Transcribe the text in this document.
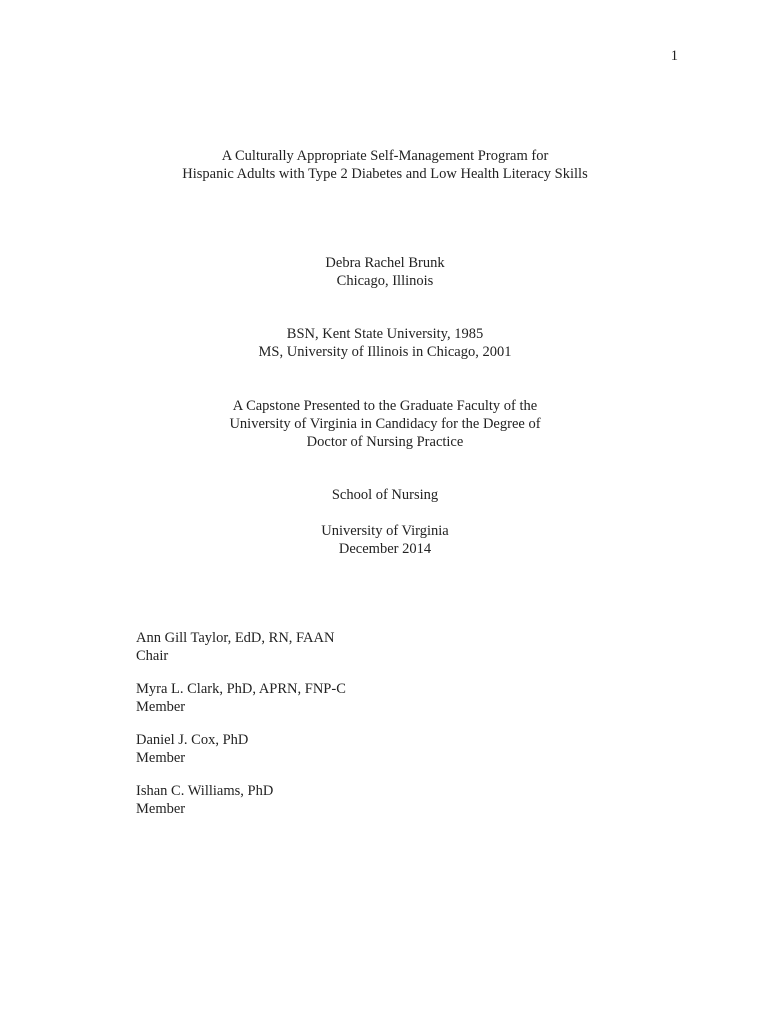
1
A Culturally Appropriate Self-Management Program for
Hispanic Adults with Type 2 Diabetes and Low Health Literacy Skills
Debra Rachel Brunk
Chicago, Illinois
BSN, Kent State University, 1985
MS, University of Illinois in Chicago, 2001
A Capstone Presented to the Graduate Faculty of the
University of Virginia in Candidacy for the Degree of
Doctor of Nursing Practice
School of Nursing
University of Virginia
December 2014
Ann Gill Taylor, EdD, RN, FAAN
Chair
Myra L. Clark, PhD, APRN, FNP-C
Member
Daniel J. Cox, PhD
Member
Ishan C. Williams, PhD
Member
